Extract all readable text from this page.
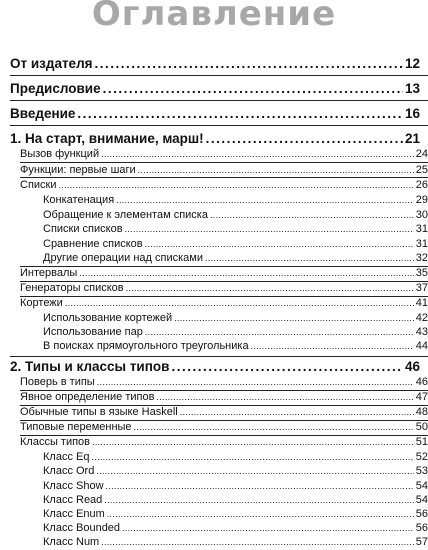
Оглавление
От издателя .....	12
Предисловие .....	13
Введение .....	16
1. На старт, внимание, марш! .....	21
Вызов функций .....	24
Функции: первые шаги .....	25
Списки .....	26
Конкатенация .....	29
Обращение к элементам списка .....	30
Списки списков .....	31
Сравнение списков .....	31
Другие операции над списками .....	32
Интервалы .....	35
Генераторы списков .....	37
Кортежи .....	41
Использование кортежей .....	42
Использование пар .....	43
В поисках прямоугольного треугольника .....	44
2. Типы и классы типов .....	46
Поверь в типы .....	46
Явное определение типов .....	47
Обычные типы в языке Haskell .....	48
Типовые переменные .....	50
Классы типов .....	51
Класс Eq .....	52
Класс Ord .....	53
Класс Show .....	54
Класс Read .....	54
Класс Enum .....	56
Класс Bounded .....	56
Класс Num .....	57
